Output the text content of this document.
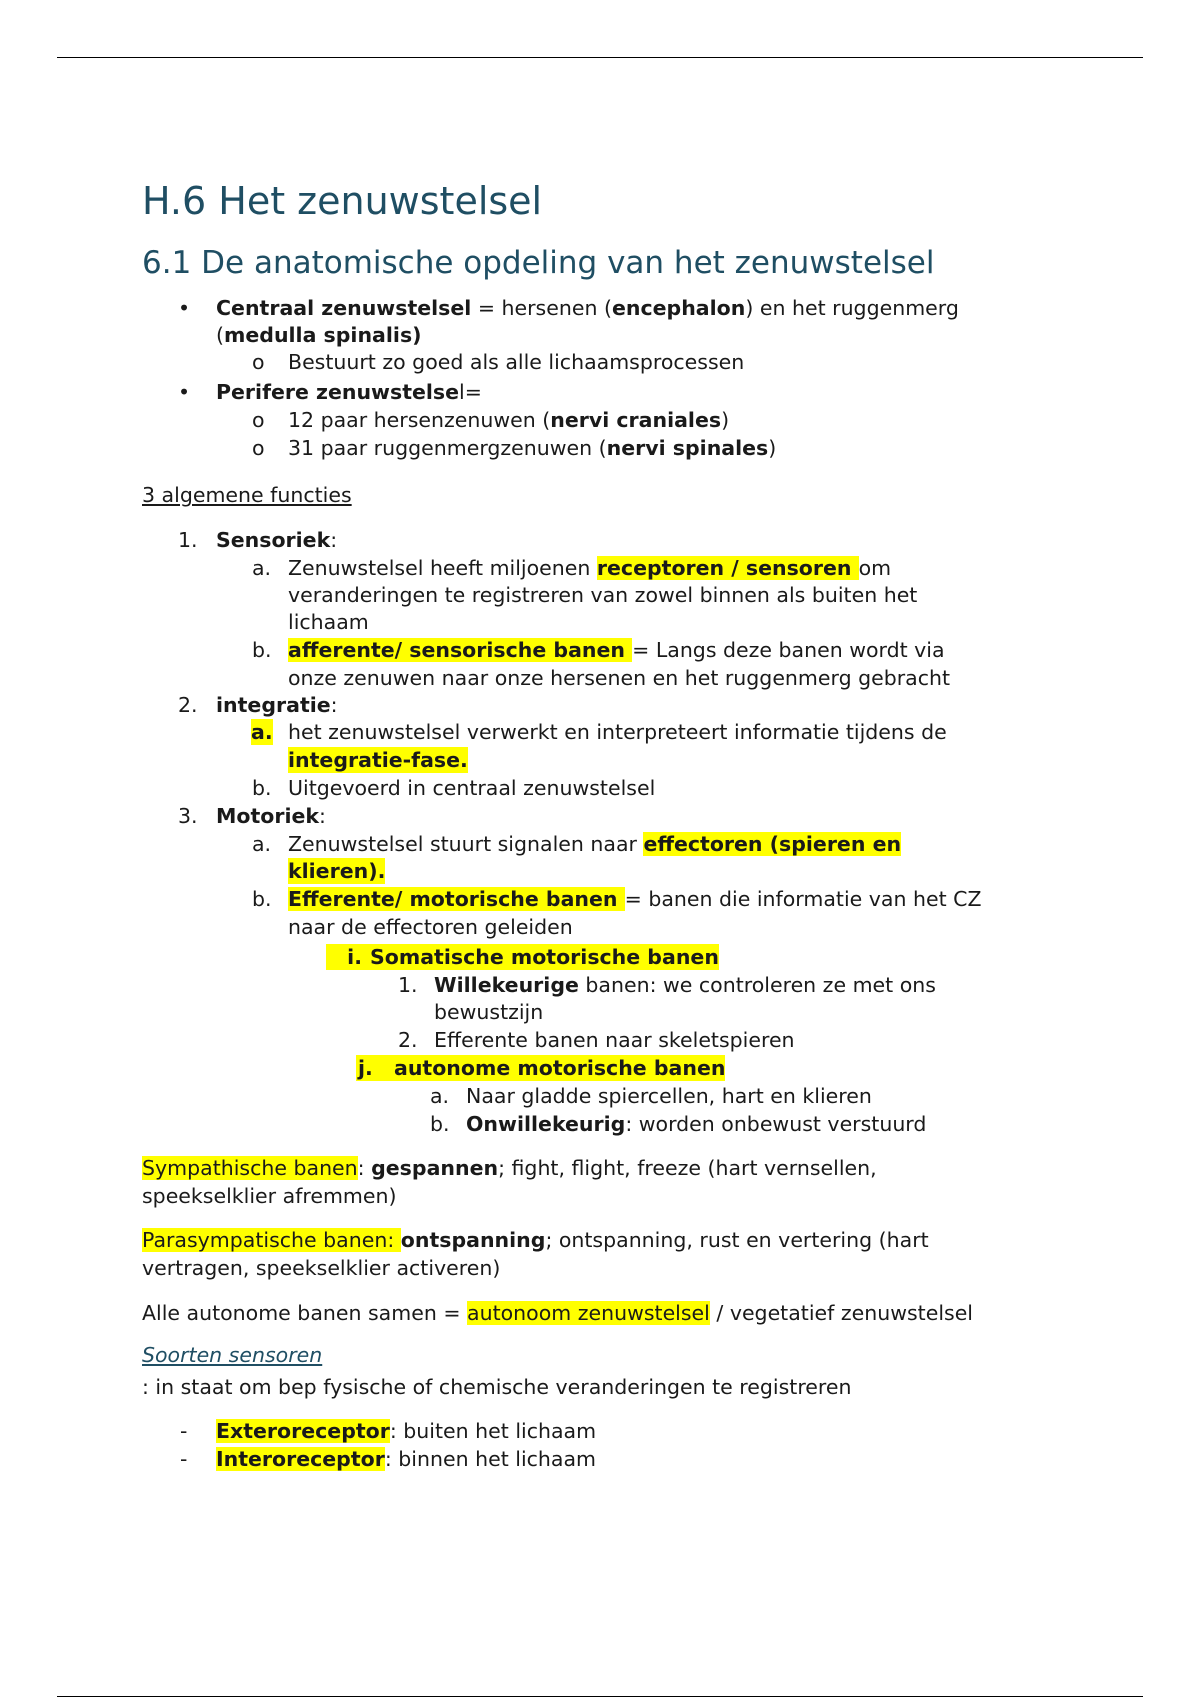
H.6 Het zenuwstelsel
6.1 De anatomische opdeling van het zenuwstelsel
• Centraal zenuwstelsel = hersenen (encephalon) en het ruggenmerg
(medulla spinalis)
o Bestuurt zo goed als alle lichaamsprocessen
• Perifere zenuwstelsel=
o 12 paar hersenzenuwen (nervi craniales)
o 31 paar ruggenmergzenuwen (nervi spinales)
3 algemene functies
1. Sensoriek:
a. Zenuwstelsel heeft miljoenen receptoren / sensoren om
veranderingen te registreren van zowel binnen als buiten het
lichaam
b. afferente/ sensorische banen = Langs deze banen wordt via
onze zenuwen naar onze hersenen en het ruggenmerg gebracht
2. integratie:
a. het zenuwstelsel verwerkt en interpreteert informatie tijdens de
integratie-fase.
b. Uitgevoerd in centraal zenuwstelsel
3. Motoriek:
a. Zenuwstelsel stuurt signalen naar effectoren (spieren en
klieren).
b. Efferente/ motorische banen = banen die informatie van het CZ
naar de effectoren geleiden
i. Somatische motorische banen
1. Willekeurige banen: we controleren ze met ons
bewustzijn
2. Efferente banen naar skeletspieren
j. autonome motorische banen
a. Naar gladde spiercellen, hart en klieren
b. Onwillekeurig: worden onbewust verstuurd
Sympathische banen: gespannen; fight, flight, freeze (hart vernsellen,
speekselklier afremmen)
Parasympatische banen: ontspanning; ontspanning, rust en vertering (hart
vertragen, speekselklier activeren)
Alle autonome banen samen = autonoom zenuwstelsel / vegetatief zenuwstelsel
Soorten sensoren
: in staat om bep fysische of chemische veranderingen te registreren
- Exteroreceptor: buiten het lichaam
- Interoreceptor: binnen het lichaam
